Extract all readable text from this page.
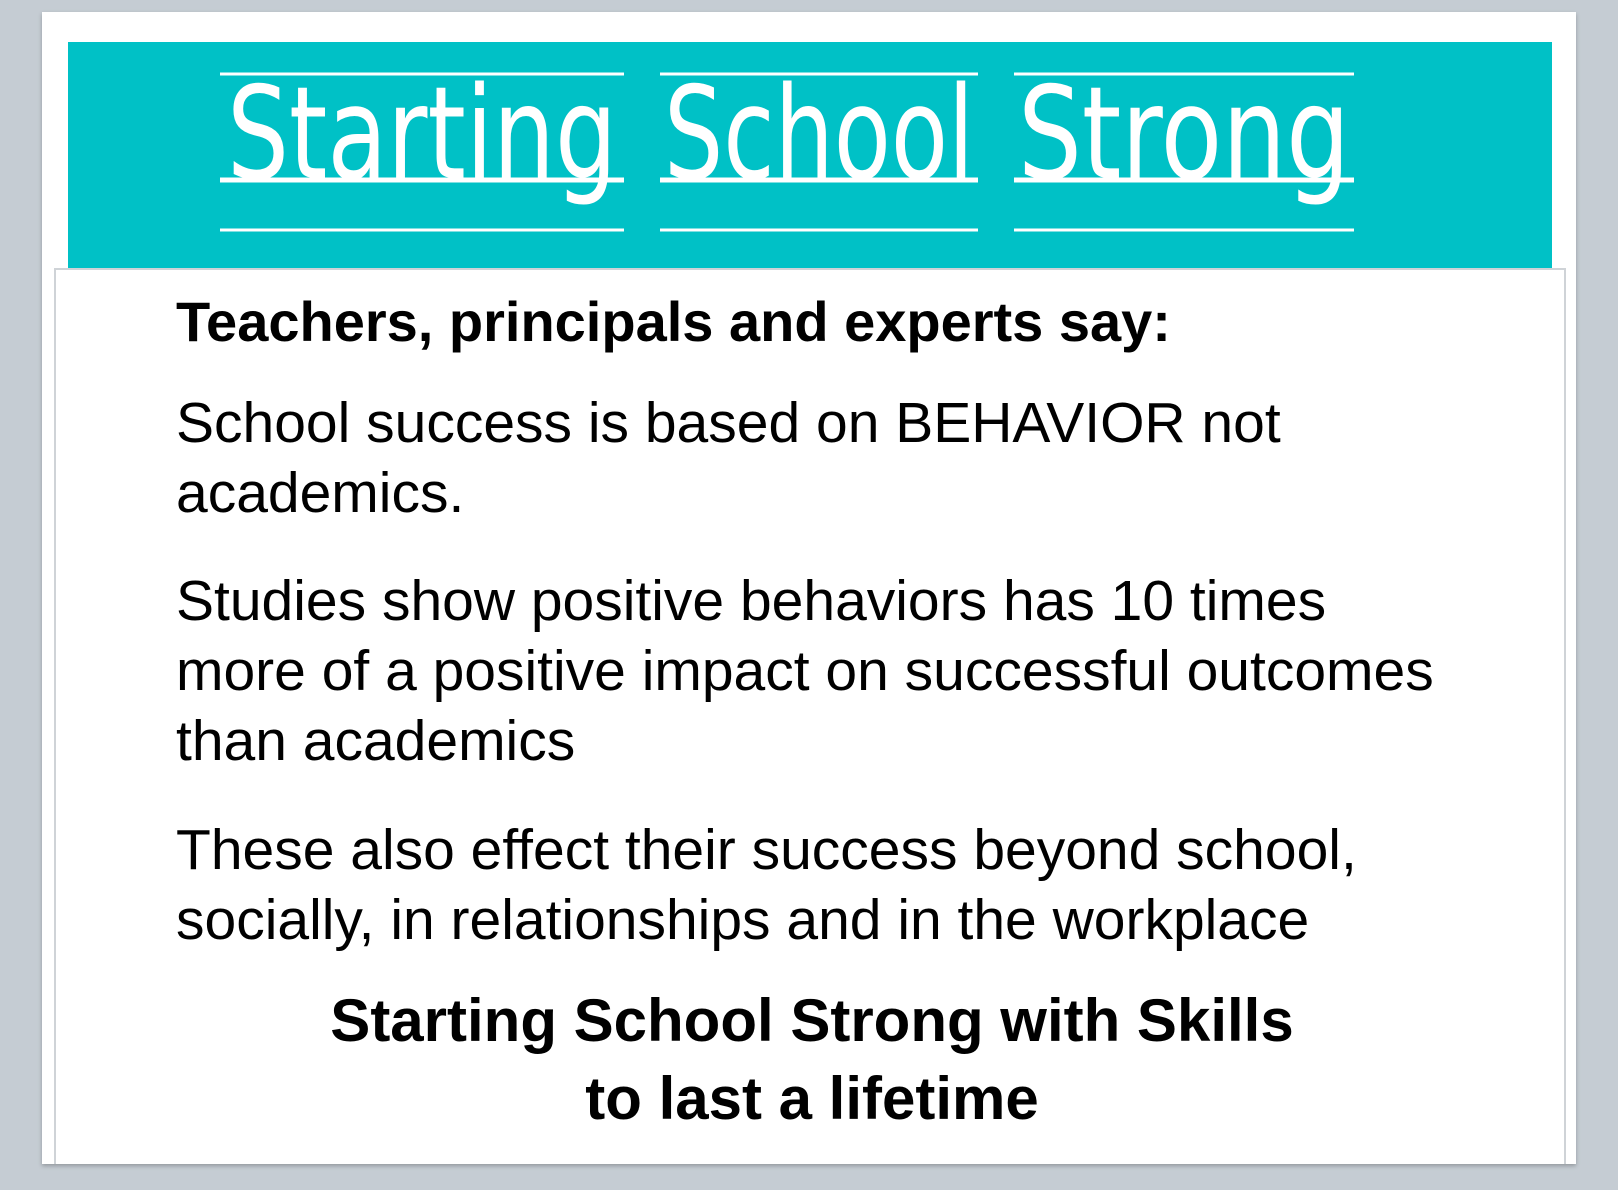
Starting School Strong

Teachers, principals and experts say:

School success is based on BEHAVIOR not
academics.

Studies show positive behaviors has 10 times
more of a positive impact on successful outcomes
than academics

These also effect their success beyond school,
socially, in relationships and in the workplace

Starting School Strong with Skills
to last a lifetime
